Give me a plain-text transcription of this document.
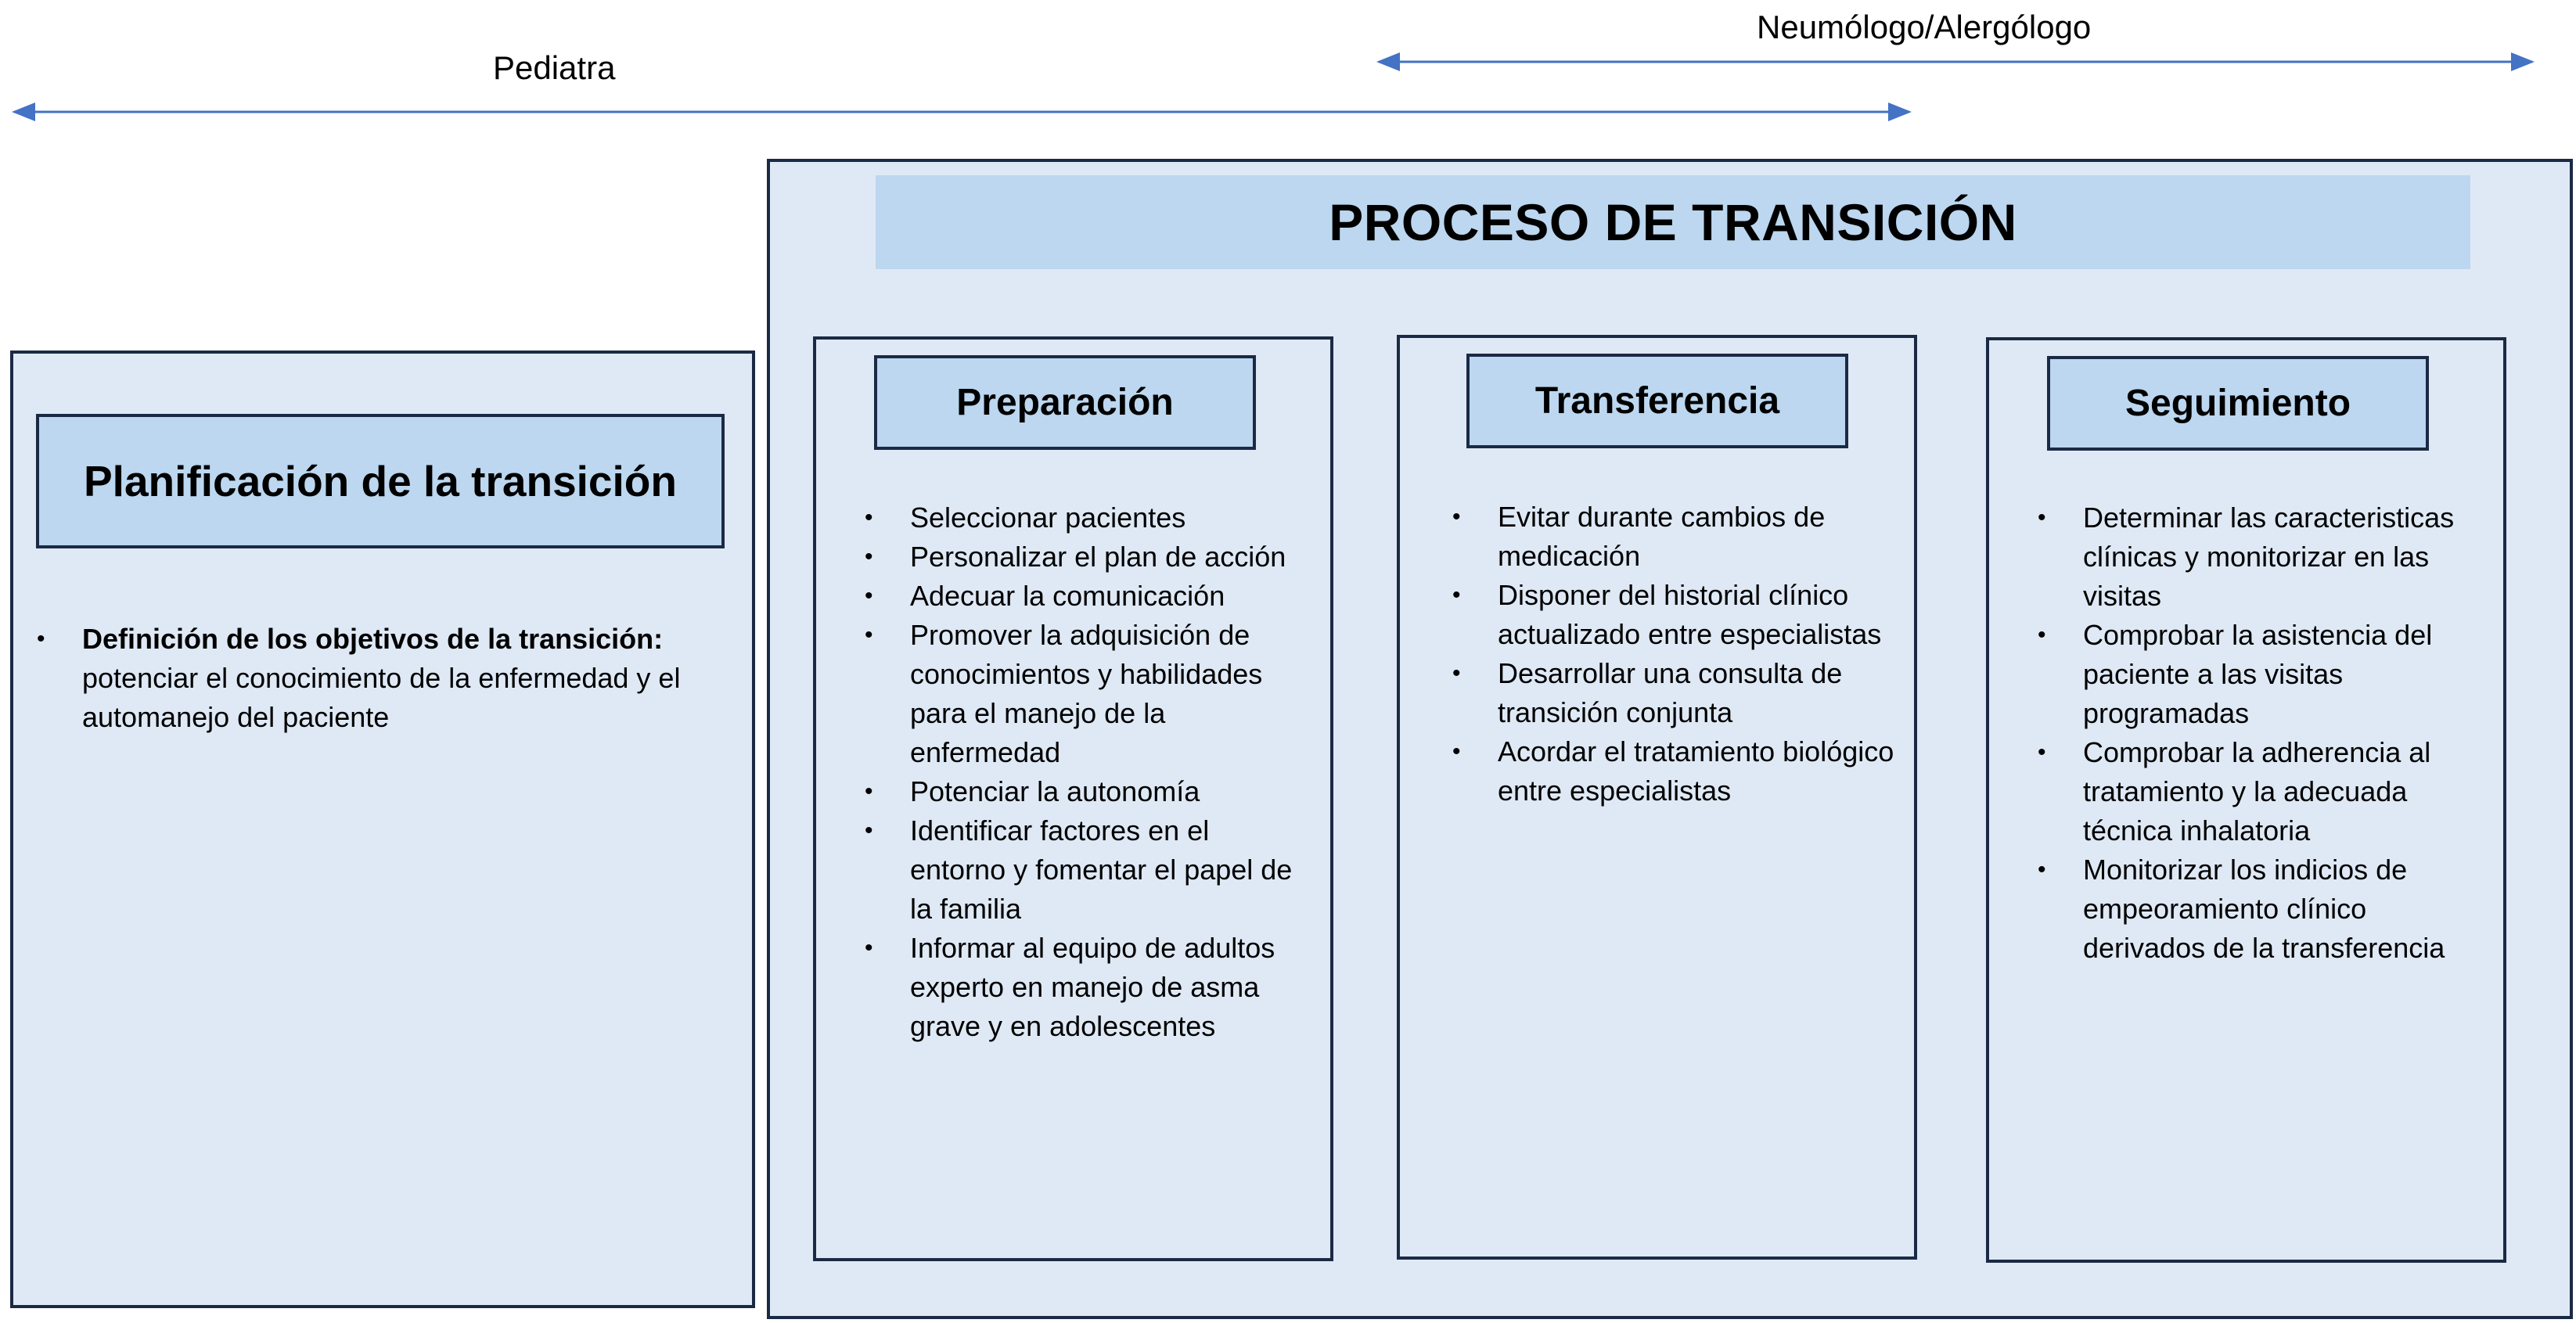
Pediatra
Neumólogo/Alergólogo
Planificación de la transición
• Definición de los objetivos de la transición: potenciar el conocimiento de la enfermedad y el automanejo del paciente
PROCESO DE TRANSICIÓN
Preparación
• Seleccionar pacientes
• Personalizar el plan de acción
• Adecuar la comunicación
• Promover la adquisición de conocimientos y habilidades para el manejo de la enfermedad
• Potenciar la autonomía
• Identificar factores en el entorno y fomentar el papel de la familia
• Informar al equipo de adultos experto en manejo de asma grave y en adolescentes
Transferencia
• Evitar durante cambios de medicación
• Disponer del historial clínico actualizado entre especialistas
• Desarrollar una consulta de transición conjunta
• Acordar el tratamiento biológico entre especialistas
Seguimiento
• Determinar las caracteristicas clínicas y monitorizar en las visitas
• Comprobar la asistencia del paciente a las visitas programadas
• Comprobar la adherencia al tratamiento y la adecuada técnica inhalatoria
• Monitorizar los indicios de empeoramiento clínico derivados de la transferencia
